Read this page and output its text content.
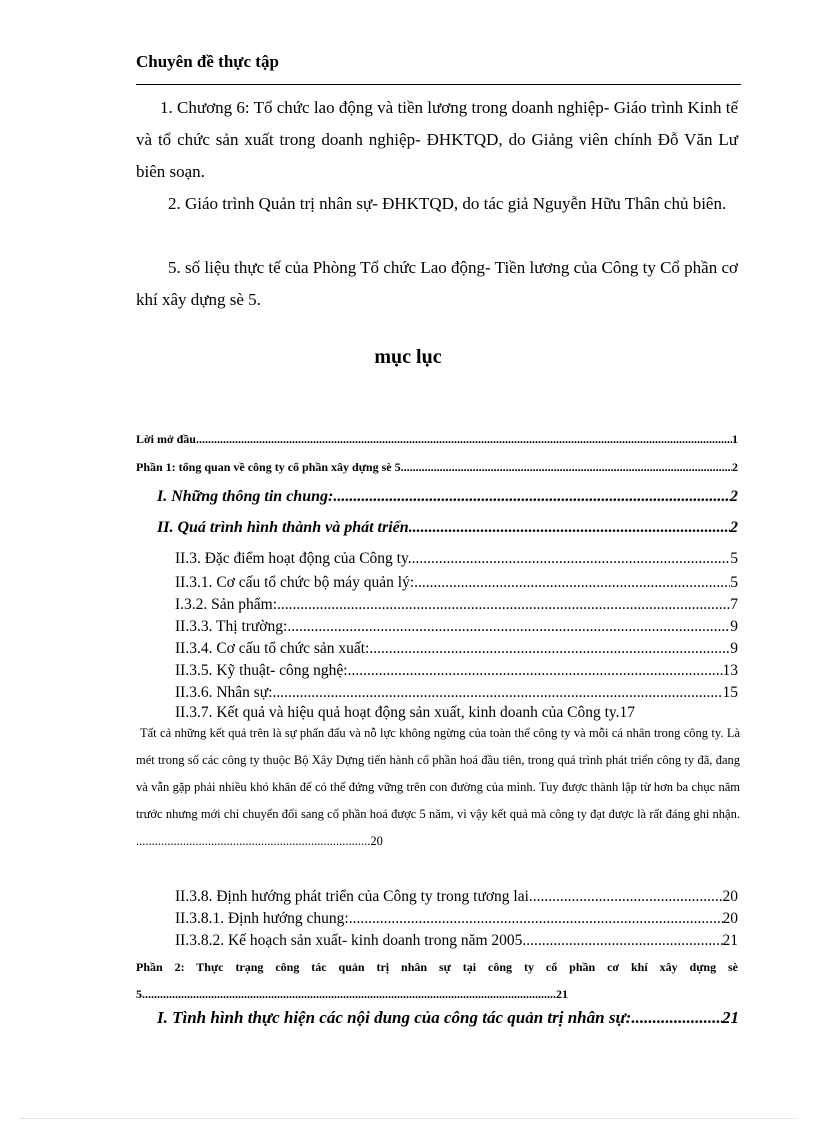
Chuyên đề thực tập
1. Chương 6: Tổ chức lao động và tiền lương trong doanh nghiệp- Giáo trình Kinh tế và tổ chức sản xuất trong doanh nghiệp- ĐHKTQD, do Giảng viên chính Đỗ Văn Lư biên soạn.
2. Giáo trình Quản trị nhân sự- ĐHKTQD, do tác giả Nguyễn Hữu Thân chủ biên.
5. số liệu thực tế của Phòng Tổ chức Lao động- Tiền lương của Công ty Cổ phần cơ khí xây dựng sè 5.
mục lục
Lời mở đầu .....	1
Phần 1: tổng quan về công ty cổ phần xây dựng sè 5. .....	2
I. Những thông tin chung: .....	2
II. Quá trình hình thành và phát triển .....	2
II.3. Đặc điểm hoạt động của Công ty. .....	5
II.3.1. Cơ cấu tổ chức bộ máy quản lý: .....	5
I.3.2. Sản phẩm: .....	7
II.3.3. Thị trường: .....	9
II.3.4. Cơ cấu tổ chức sản xuất: .....	9
II.3.5. Kỹ thuật- công nghệ: .....	13
II.3.6. Nhân sự: .....	15
II.3.7. Kết quả và hiệu quả hoạt động sản xuất, kinh doanh của Công ty. 17
Tất cả những kết quả trên là sự phấn đấu và nỗ lực không ngừng của toàn thể công ty và mỗi cá nhân trong công ty. Là mét trong số các công ty thuộc Bộ Xây Dựng tiến hành cổ phần hoá đầu tiên, trong quá trình phát triển công ty đã, đang và vẫn gặp phải nhiều khó khăn để có thể đứng vững trên con đường của mình. Tuy được thành lập từ hơn ba chục năm trước nhưng mới chỉ chuyển đổi sang cổ phần hoá được 5 năm, vì vậy kết quả mà công ty đạt được là rất đáng ghi nhận. ...........................................................................20
II.3.8. Định hướng phát triển của Công ty trong tương lai. .....	20
II.3.8.1. Định hướng chung: .....	20
II.3.8.2. Kế hoạch sản xuất- kinh doanh trong năm 2005. .....	21
Phần 2: Thực trạng công tác quản trị nhân sự tại công ty cổ phần cơ khí xây dựng sè 5..........................................................................................................................................21
I. Tình hình thực hiện các nội dung của công tác quản trị nhân sự: .....	21
